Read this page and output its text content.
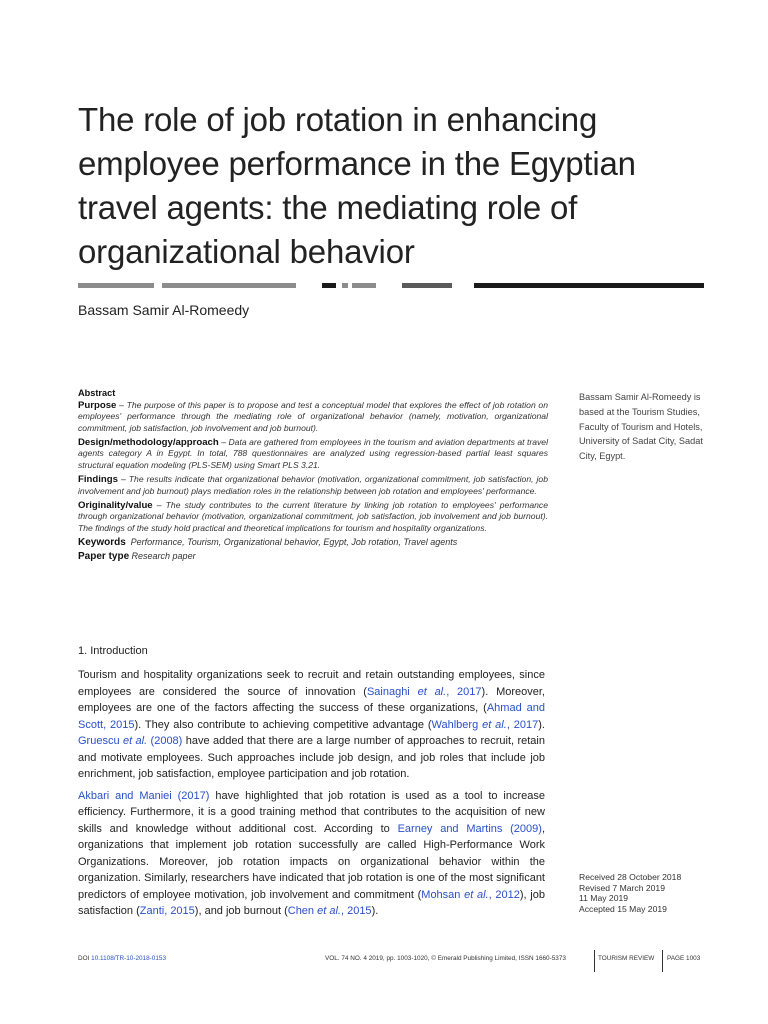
The role of job rotation in enhancing employee performance in the Egyptian travel agents: the mediating role of organizational behavior
Bassam Samir Al-Romeedy
Abstract

Purpose – The purpose of this paper is to propose and test a conceptual model that explores the effect of job rotation on employees' performance through the mediating role of organizational behavior (namely, motivation, organizational commitment, job satisfaction, job involvement and job burnout).

Design/methodology/approach – Data are gathered from employees in the tourism and aviation departments at travel agents category A in Egypt. In total, 788 questionnaires are analyzed using regression-based partial least squares structural equation modeling (PLS-SEM) using Smart PLS 3.21.

Findings – The results indicate that organizational behavior (motivation, organizational commitment, job satisfaction, job involvement and job burnout) plays mediation roles in the relationship between job rotation and employees' performance.

Originality/value – The study contributes to the current literature by linking job rotation to employees' performance through organizational behavior (motivation, organizational commitment, job satisfaction, job involvement and job burnout). The findings of the study hold practical and theoretical implications for tourism and hospitality organizations.

Keywords Performance, Tourism, Organizational behavior, Egypt, Job rotation, Travel agents

Paper type Research paper

Bassam Samir Al-Romeedy is based at the Tourism Studies, Faculty of Tourism and Hotels, University of Sadat City, Sadat City, Egypt.
1. Introduction

Tourism and hospitality organizations seek to recruit and retain outstanding employees, since employees are considered the source of innovation (Sainaghi et al., 2017). Moreover, employees are one of the factors affecting the success of these organizations, (Ahmad and Scott, 2015). They also contribute to achieving competitive advantage (Wahlberg et al., 2017). Gruescu et al. (2008) have added that there are a large number of approaches to recruit, retain and motivate employees. Such approaches include job design, and job roles that include job enrichment, job satisfaction, employee participation and job rotation.

Akbari and Maniei (2017) have highlighted that job rotation is used as a tool to increase efficiency. Furthermore, it is a good training method that contributes to the acquisition of new skills and knowledge without additional cost. According to Earney and Martins (2009), organizations that implement job rotation successfully are called High-Performance Work Organizations. Moreover, job rotation impacts on organizational behavior within the organization. Similarly, researchers have indicated that job rotation is one of the most significant predictors of employee motivation, job involvement and commitment (Mohsan et al., 2012), job satisfaction (Zanti, 2015), and job burnout (Chen et al., 2015).

Received 28 October 2018
Revised 7 March 2019
11 May 2019
Accepted 15 May 2019
DOI 10.1108/TR-10-2018-0153	VOL. 74 NO. 4 2019, pp. 1003-1020, © Emerald Publishing Limited, ISSN 1660-5373	TOURISM REVIEW PAGE 1003
